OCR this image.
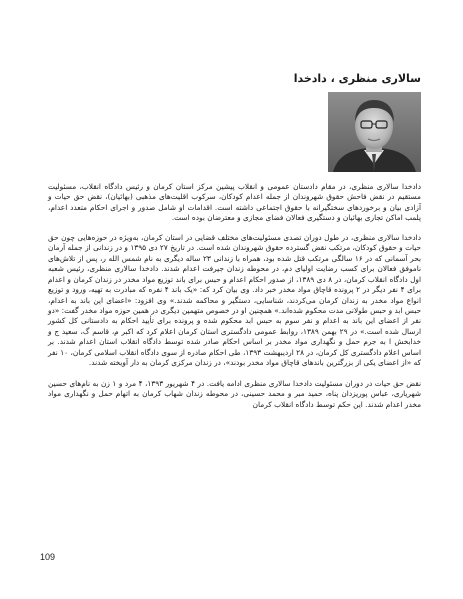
سالاری منظری ، دادخدا

دادخدا سالاری منظری، در مقام دادستان عمومی و انقلاب پیشین مرکز استان کرمان و رئیس دادگاه انقلاب، مسئولیت مستقیم در نقض فاحش حقوق شهروندان از جمله اعدام کودکان، سرکوب اقلیت‌های مذهبی (بهائیان)، نقض حق حیات و آزادی بیان و برخوردهای سختگیرانه با حقوق اجتماعی داشته است. اقدامات او شامل صدور و اجرای احکام متعدد اعدام، پلمب اماکن تجاری بهائیان و دستگیری فعالان فضای مجازی و معترضان بوده است.

دادخدا سالاری منظری، در طول دوران تصدی مسئولیت‌های مختلف قضایی در استان کرمان، به‌ویژه در حوزه‌هایی چون حق حیات و حقوق کودکان، مرتکب نقض گسترده حقوق شهروندان شده است. در تاریخ ۲۷ دی ۱۳۹۵ و در زندانی از جمله آرمان بحر آسمانی که در ۱۶ سالگی مرتکب قتل شده بود، همراه با زندانی ۲۳ ساله دیگری به نام شمس الله ر، پس از تلاش‌های ناموفق فعالان برای کسب رضایت اولیای دم، در محوطه زندان جیرفت اعدام شدند. دادخدا سالاری منظری، رئیس شعبه اول دادگاه انقلاب کرمان، در ۸ دی ۱۳۸۹، از صدور احکام اعدام و حبس برای باند توزیع مواد مخدر در زندان کرمان و اعدام برای ۴ نفر دیگر در ۲ پرونده قاچاق مواد مخدر خبر داد. وی بیان کرد که: «یک باند ۴ نفره که مبادرت به تهیه، ورود و توزیع انواع مواد مخدر به زندان کرمان می‌کردند، شناسایی، دستگیر و محاکمه شدند.» وی افزود: «اعضای این باند به اعدام، حبس ابد و حبس طولانی مدت محکوم شده‌اند.» همچنین او در خصوص متهمین دیگری در همین حوزه مواد مخدر گفت: «دو نفر از اعضای این باند به اعدام و نفر سوم به حبس ابد محکوم شده و پرونده برای تأیید احکام به دادستانی کل کشور ارسال شده است.» در ۲۹ بهمن ۱۳۸۹، روابط عمومی دادگستری استان کرمان اعلام کرد که اکبر م، قاسم گ، سعید ج و خدابخش ا به جرم حمل و نگهداری مواد مخدر بر اساس احکام صادر شده توسط دادگاه انقلاب استان اعدام شدند. بر اساس اعلام دادگستری کل کرمان، در ۲۸ اردیبهشت ۱۳۹۳، طی احکام صادره از سوی دادگاه انقلاب اسلامی کرمان، ۱۰ نفر که «از اعضای یکی از بزرگترین باندهای قاچاق مواد مخدر بودند»، در زندان مرکزی کرمان به دار آویخته شدند.

نقض حق حیات در دوران مسئولیت دادخدا سالاری منظری ادامه یافت. در ۴ شهریور ۱۳۹۳، ۴ مرد و ۱ زن به نام‌های حسین شهریاری، عباس پوریزدان پناه، حمید مبر و محمد حسینی، در محوطه زندان شهاب کرمان به اتهام حمل و نگهداری مواد مخدر اعدام شدند. این حکم توسط دادگاه انقلاب کرمان

109
